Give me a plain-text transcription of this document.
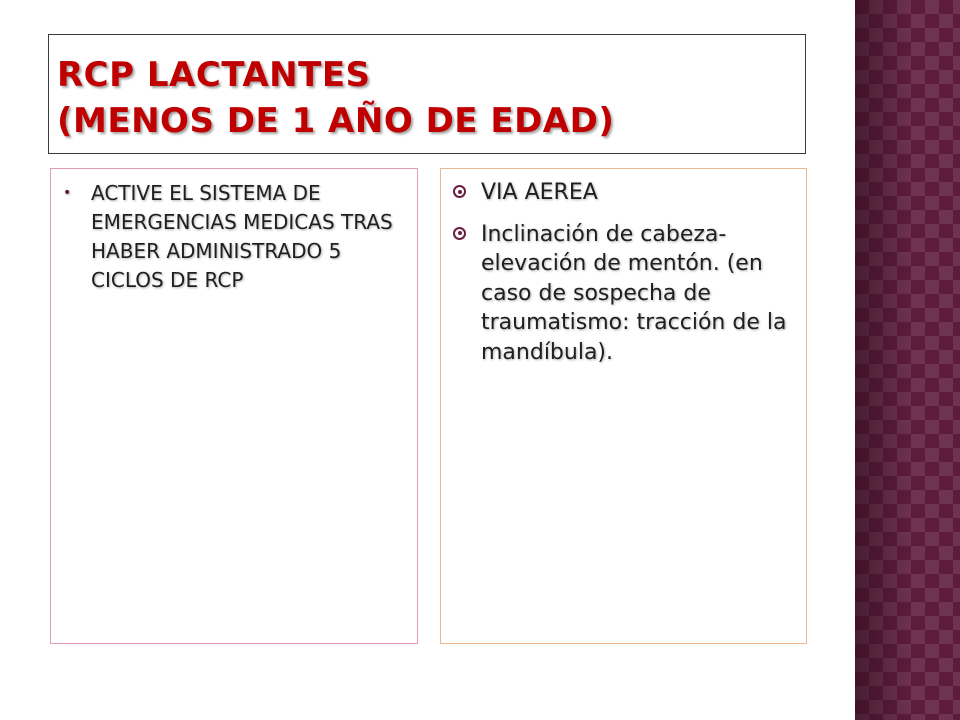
RCP LACTANTES

(MENOS DE 1 AÑO DE EDAD)

• ACTIVE EL SISTEMA DE EMERGENCIAS MEDICAS TRAS HABER ADMINISTRADO 5 CICLOS DE RCP

VIA AEREA

Inclinación de cabeza-elevación de mentón. (en caso de sospecha de traumatismo: tracción de la mandíbula).
